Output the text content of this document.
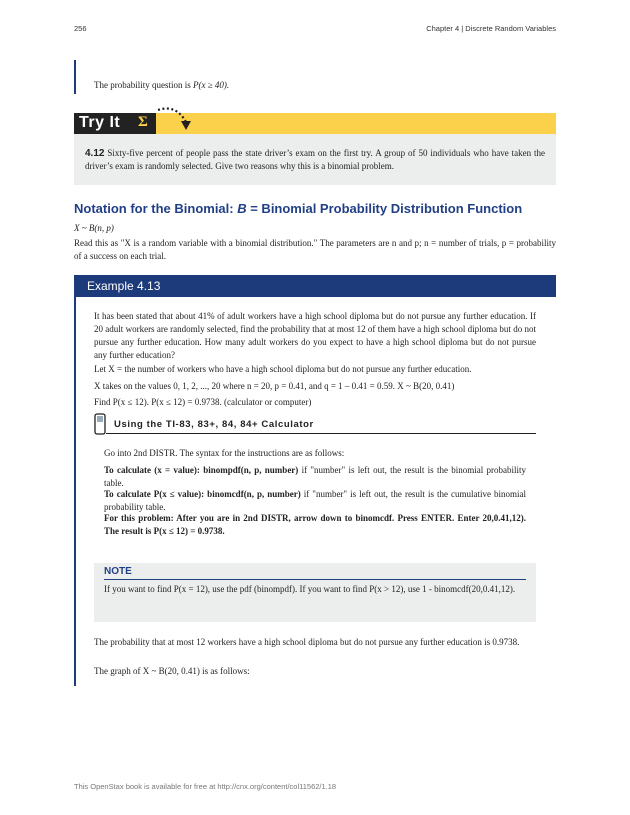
256	Chapter 4 | Discrete Random Variables

The probability question is P(x ≥ 40).

Try It Σ

4.12 Sixty-five percent of people pass the state driver’s exam on the first try. A group of 50 individuals who have taken the driver’s exam is randomly selected. Give two reasons why this is a binomial problem.

Notation for the Binomial: B = Binomial Probability Distribution Function

X ~ B(n, p)

Read this as "X is a random variable with a binomial distribution." The parameters are n and p; n = number of trials, p = probability of a success on each trial.

Example 4.13

It has been stated that about 41% of adult workers have a high school diploma but do not pursue any further education. If 20 adult workers are randomly selected, find the probability that at most 12 of them have a high school diploma but do not pursue any further education. How many adult workers do you expect to have a high school diploma but do not pursue any further education?

Let X = the number of workers who have a high school diploma but do not pursue any further education.

X takes on the values 0, 1, 2, ..., 20 where n = 20, p = 0.41, and q = 1 – 0.41 = 0.59. X ~ B(20, 0.41)

Find P(x ≤ 12). P(x ≤ 12) = 0.9738. (calculator or computer)

Using the TI-83, 83+, 84, 84+ Calculator

Go into 2nd DISTR. The syntax for the instructions are as follows:

To calculate (x = value): binompdf(n, p, number) if "number" is left out, the result is the binomial probability table.

To calculate P(x ≤ value): binomcdf(n, p, number) if "number" is left out, the result is the cumulative binomial probability table.

For this problem: After you are in 2nd DISTR, arrow down to binomcdf. Press ENTER. Enter 20,0.41,12). The result is P(x ≤ 12) = 0.9738.

NOTE

If you want to find P(x = 12), use the pdf (binompdf). If you want to find P(x > 12), use 1 - binomcdf(20,0.41,12).

The probability that at most 12 workers have a high school diploma but do not pursue any further education is 0.9738.

The graph of X ~ B(20, 0.41) is as follows:

This OpenStax book is available for free at http://cnx.org/content/col11562/1.18
